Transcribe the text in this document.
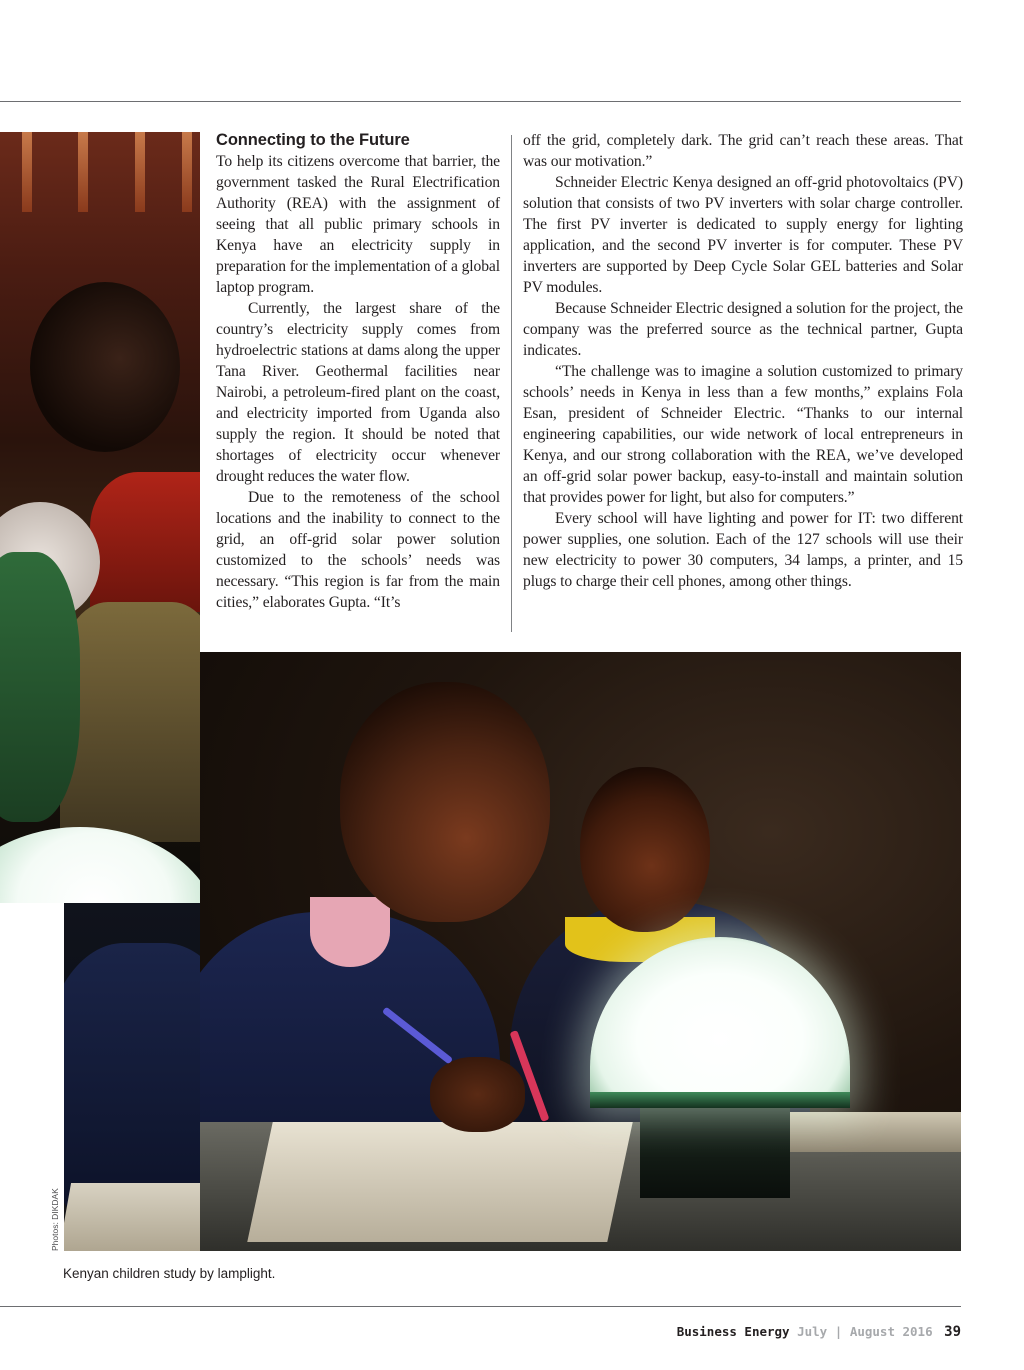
Connecting to the Future

To help its citizens overcome that barrier, the government tasked the Rural Electrification Authority (REA) with the assignment of seeing that all public primary schools in Kenya have an electricity supply in preparation for the implementation of a global laptop program.

Currently, the largest share of the country’s electricity supply comes from hydroelectric stations at dams along the upper Tana River. Geothermal facilities near Nairobi, a petroleum-fired plant on the coast, and electricity imported from Uganda also supply the region. It should be noted that shortages of electricity occur whenever drought reduces the water flow.

Due to the remoteness of the school locations and the inability to connect to the grid, an off-grid solar power solution customized to the schools’ needs was necessary. “This region is far from the main cities,” elaborates Gupta. “It’s

off the grid, completely dark. The grid can’t reach these areas. That was our motivation.”

Schneider Electric Kenya designed an off-grid photovoltaics (PV) solution that consists of two PV inverters with solar charge controller. The first PV inverter is dedicated to supply energy for lighting application, and the second PV inverter is for computer. These PV inverters are supported by Deep Cycle Solar GEL batteries and Solar PV modules.

Because Schneider Electric designed a solution for the project, the company was the preferred source as the technical partner, Gupta indicates.

“The challenge was to imagine a solution customized to primary schools’ needs in Kenya in less than a few months,” explains Fola Esan, president of Schneider Electric. “Thanks to our internal engineering capabilities, our wide network of local entrepreneurs in Kenya, and our strong collaboration with the REA, we’ve developed an off-grid solar power backup, easy-to-install and maintain solution that provides power for light, but also for computers.”

Every school will have lighting and power for IT: two different power supplies, one solution. Each of the 127 schools will use their new electricity to power 30 computers, 34 lamps, a printer, and 15 plugs to charge their cell phones, among other things.

Photos: DIKDAK
Kenyan children study by lamplight.
Business Energy July | August 2016 39
